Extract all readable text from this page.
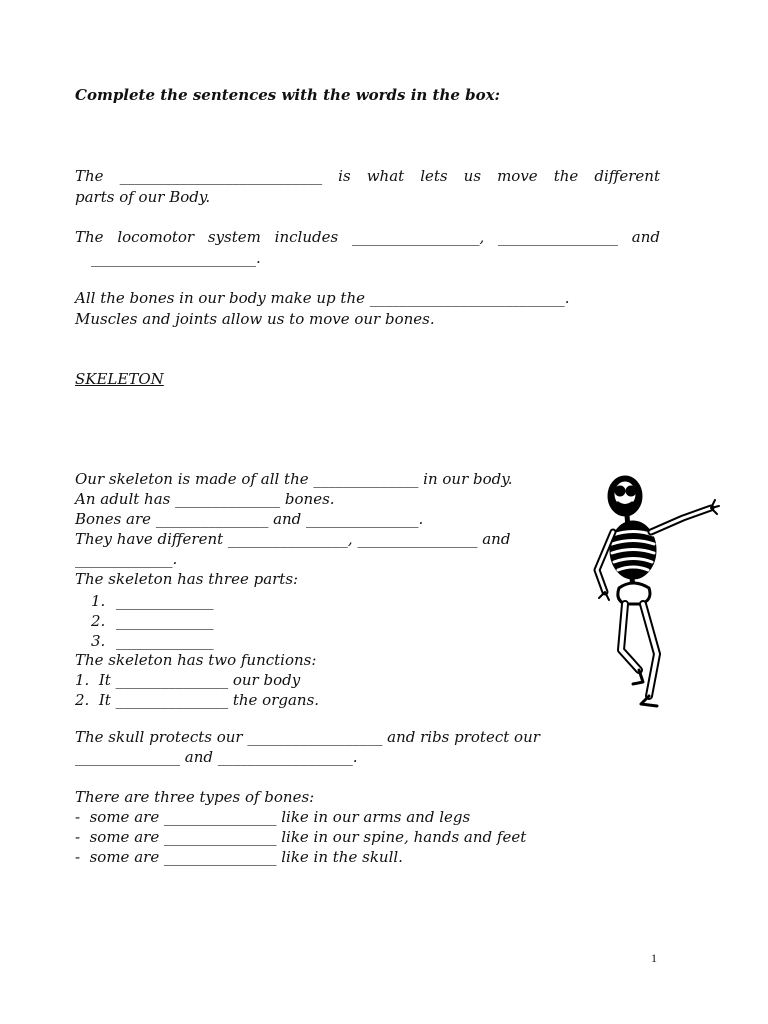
Complete the sentences with the words in the box:
The ___________________________ is what lets us move the different
parts of our Body.
The locomotor system includes _________________, ________________ and
______________________.
All the bones in our body make up the __________________________.
Muscles and joints allow us to move our bones.
SKELETON
Our skeleton is made of all the ______________ in our body.
An adult has ______________ bones.
Bones are _______________ and _______________.
They have different ________________, ________________ and
_____________.
The skeleton has three parts:
1. _____________
2. _____________
3. _____________
The skeleton has two functions:
1.  It _______________ our body
2.  It _______________ the organs.
The skull protects our __________________ and ribs protect our
______________ and __________________.
There are three types of bones:
-  some are _______________ like in our arms and legs
-  some are _______________ like in our spine, hands and feet
-  some are _______________ like in the skull.
1
